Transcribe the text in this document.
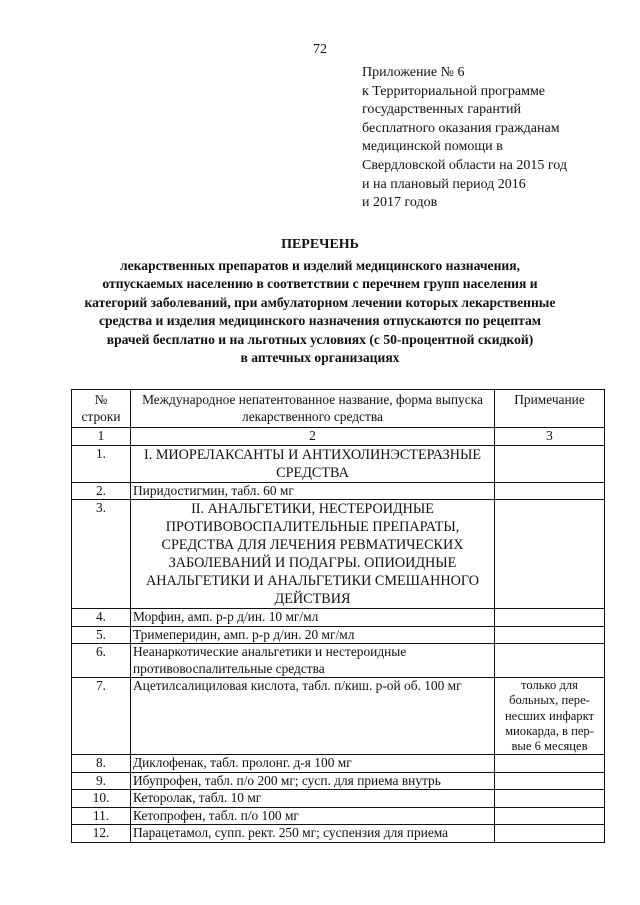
72
Приложение № 6
к Территориальной программе
государственных гарантий
бесплатного оказания гражданам
медицинской помощи в
Свердловской области на 2015 год
и на плановый период 2016
и 2017 годов
ПЕРЕЧЕНЬ
лекарственных препаратов и изделий медицинского назначения,
отпускаемых населению в соответствии с перечнем групп населения и
категорий заболеваний, при амбулаторном лечении которых лекарственные
средства и изделия медицинского назначения отпускаются по рецептам
врачей бесплатно и на льготных условиях (с 50-процентной скидкой)
в аптечных организациях
№ строки	Международное непатентованное название, форма выпуска лекарственного средства	Примечание
1	2	3
1.	I. МИОРЕЛАКСАНТЫ И АНТИХОЛИНЭСТЕРАЗНЫЕ СРЕДСТВА	
2.	Пиридостигмин, табл. 60 мг	
3.	II. АНАЛЬГЕТИКИ, НЕСТЕРОИДНЫЕ ПРОТИВОВОСПАЛИТЕЛЬНЫЕ ПРЕПАРАТЫ, СРЕДСТВА ДЛЯ ЛЕЧЕНИЯ РЕВМАТИЧЕСКИХ ЗАБОЛЕВАНИЙ И ПОДАГРЫ. ОПИОИДНЫЕ АНАЛЬГЕТИКИ И АНАЛЬГЕТИКИ СМЕШАННОГО ДЕЙСТВИЯ	
4.	Морфин, амп. р-р д/ин. 10 мг/мл	
5.	Тримеперидин, амп. р-р д/ин. 20 мг/мл	
6.	Неанаркотические анальгетики и нестероидные противовоспалительные средства	
7.	Ацетилсалициловая кислота, табл. п/киш. р-ой об. 100 мг	только для больных, пере-несших инфаркт миокарда, в пер-вые 6 месяцев
8.	Диклофенак, табл. пролонг. д-я 100 мг	
9.	Ибупрофен, табл. п/о 200 мг; сусп. для приема внутрь	
10.	Кеторолак, табл. 10 мг	
11.	Кетопрофен, табл. п/о 100 мг	
12.	Парацетамол, супп. рект. 250 мг; суспензия для приема	
